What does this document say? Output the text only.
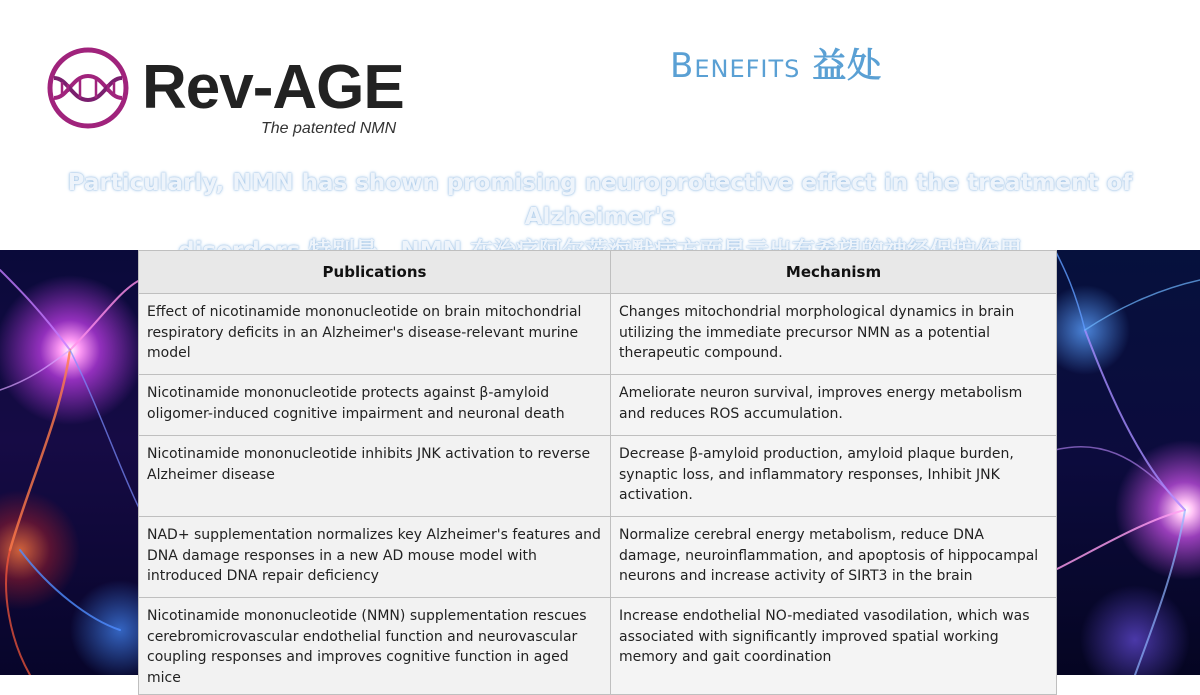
Rev-AGE
The patented NMN
Benefits 益处
Particularly, NMN has shown promising neuroprotective effect in the treatment of Alzheimer's
Publications	Mechanism
Effect of nicotinamide mononucleotide on brain mitochondrial respiratory deficits in an Alzheimer's disease-relevant murine model	Changes mitochondrial morphological dynamics in brain utilizing the immediate precursor NMN as a potential therapeutic compound.
Nicotinamide mononucleotide protects against β-amyloid oligomer-induced cognitive impairment and neuronal death	Ameliorate neuron survival, improves energy metabolism and reduces ROS accumulation.
Nicotinamide mononucleotide inhibits JNK activation to reverse Alzheimer disease	Decrease β-amyloid production, amyloid plaque burden, synaptic loss, and inflammatory responses, Inhibit JNK activation.
NAD+ supplementation normalizes key Alzheimer's features and DNA damage responses in a new AD mouse model with introduced DNA repair deficiency	Normalize cerebral energy metabolism, reduce DNA damage, neuroinflammation, and apoptosis of hippocampal neurons and increase activity of SIRT3 in the brain
Nicotinamide mononucleotide (NMN) supplementation rescues cerebromicrovascular endothelial function and neurovascular coupling responses and improves cognitive function in aged mice	Increase endothelial NO-mediated vasodilation, which was associated with significantly improved spatial working memory and gait coordination
